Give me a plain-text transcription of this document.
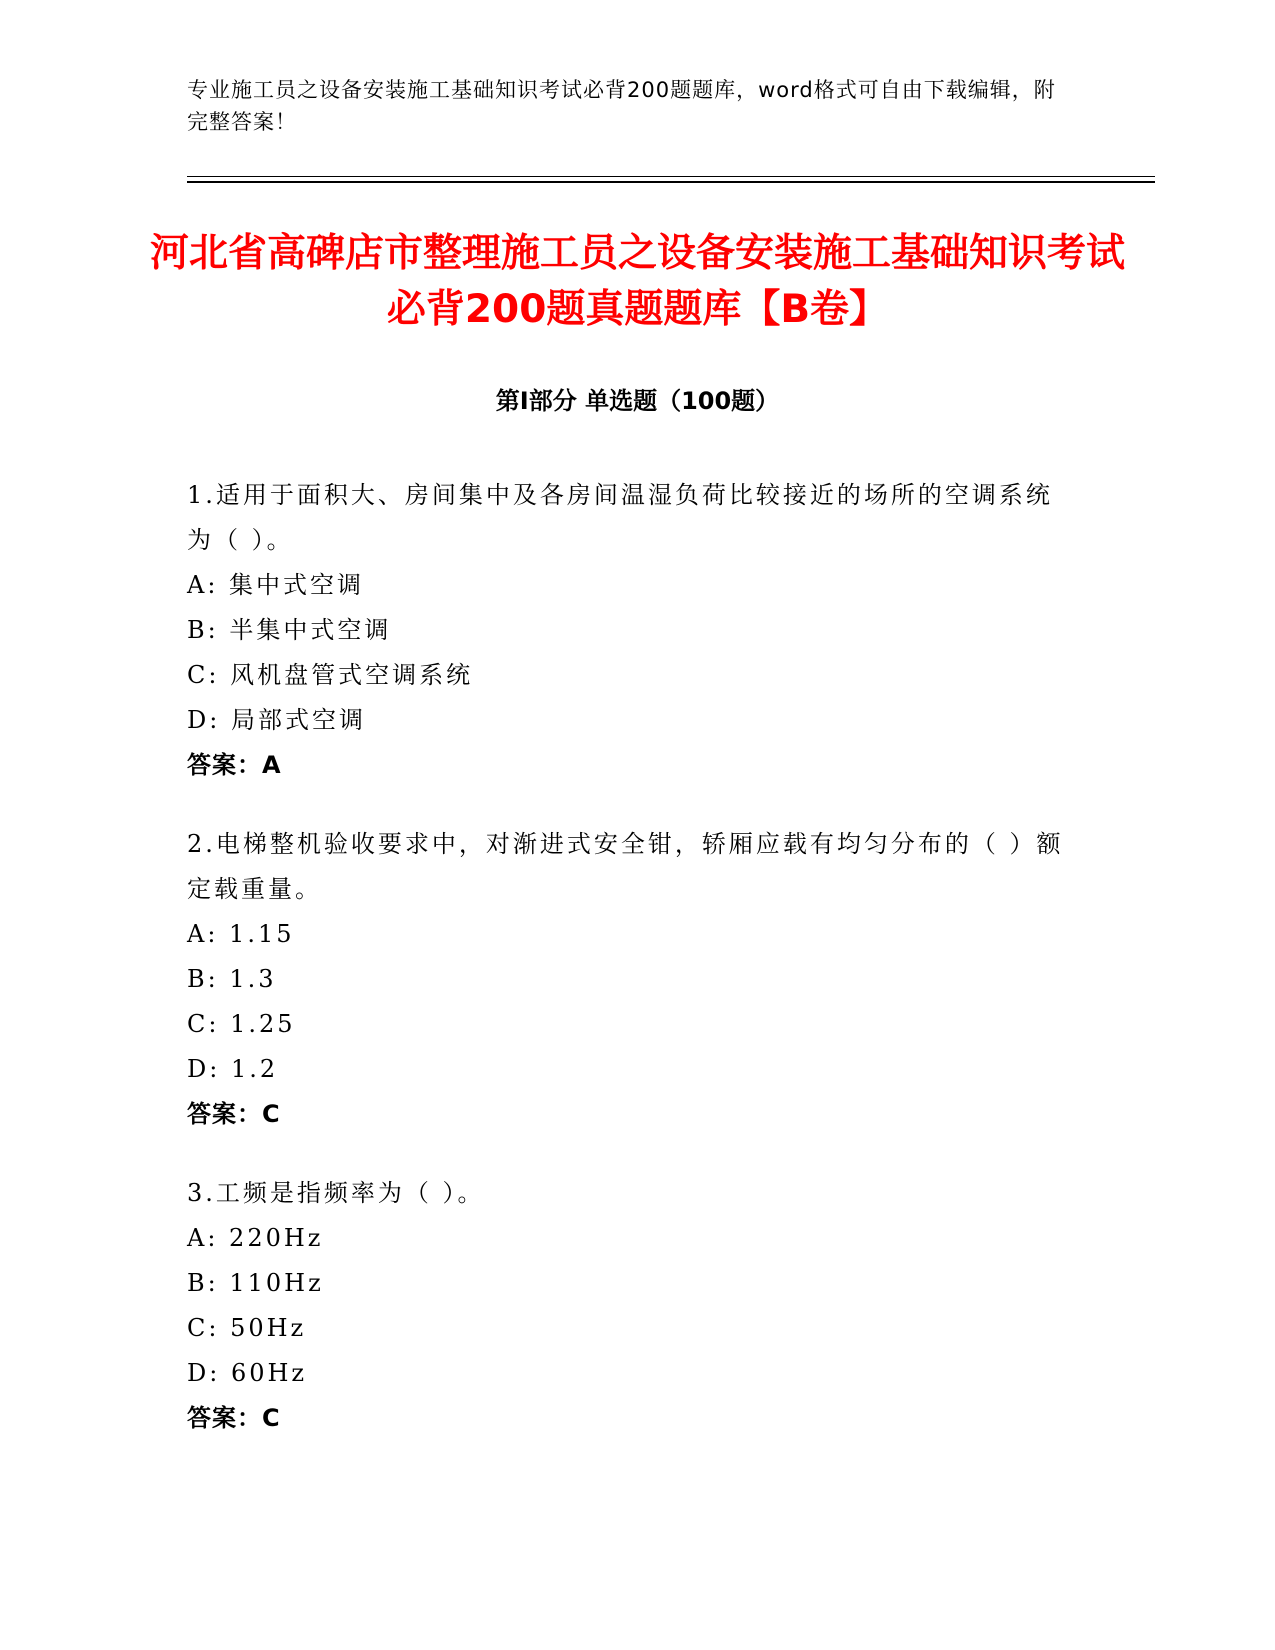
专业施工员之设备安装施工基础知识考试必背200题题库，word格式可自由下载编辑，附完整答案！
河北省高碑店市整理施工员之设备安装施工基础知识考试必背200题真题题库【B卷】
第I部分 单选题（100题）

1.适用于面积大、房间集中及各房间温湿负荷比较接近的场所的空调系统为（ ）。

A: 集中式空调

B: 半集中式空调

C: 风机盘管式空调系统

D: 局部式空调

答案：A

2.电梯整机验收要求中，对渐进式安全钳，轿厢应载有均匀分布的（ ）额定载重量。

A: 1.15

B: 1.3

C: 1.25

D: 1.2

答案：C

3.工频是指频率为（ ）。

A: 220Hz

B: 110Hz

C: 50Hz

D: 60Hz

答案：C
